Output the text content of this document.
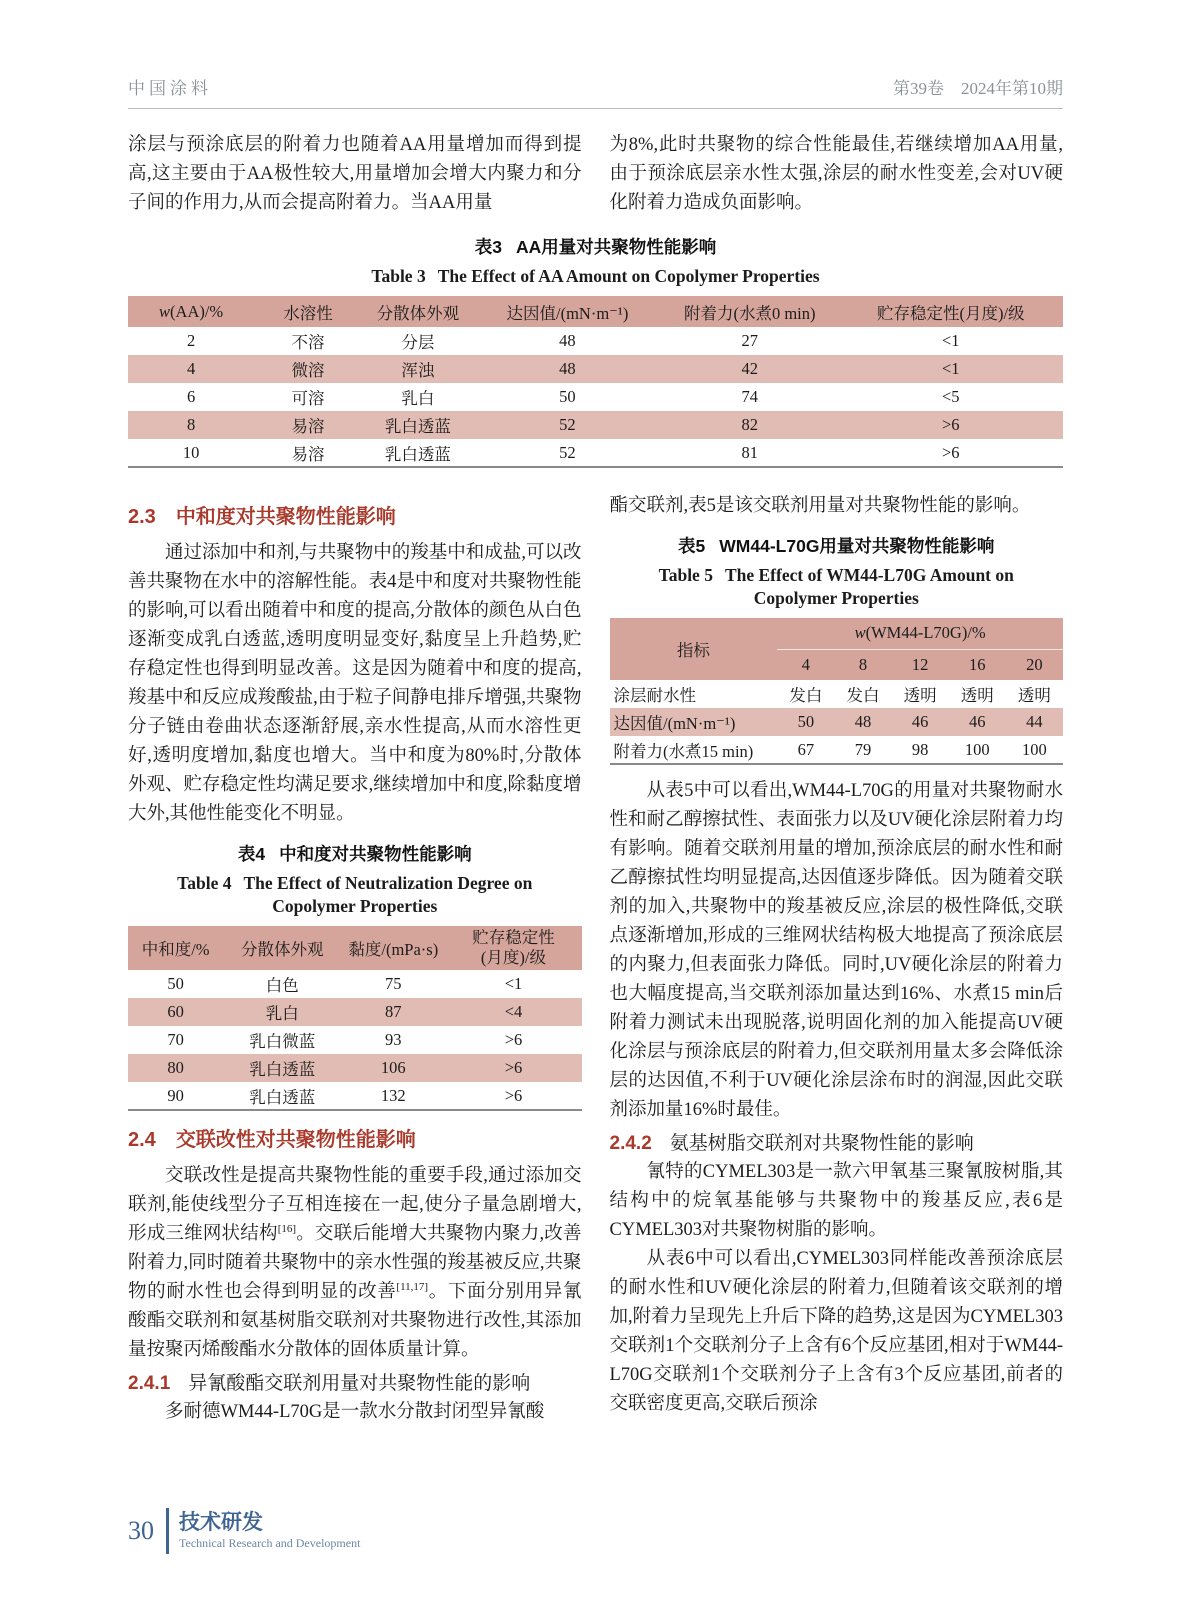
中国涂料	第39卷　2024年第10期

涂层与预涂底层的附着力也随着AA用量增加而得到提高,这主要由于AA极性较大,用量增加会增大内聚力和分子间的作用力,从而会提高附着力。当AA用量

为8%,此时共聚物的综合性能最佳,若继续增加AA用量,由于预涂底层亲水性太强,涂层的耐水性变差,会对UV硬化附着力造成负面影响。

表3 AA用量对共聚物性能影响
Table 3 The Effect of AA Amount on Copolymer Properties
w(AA)/%	水溶性	分散体外观	达因值/(mN·m⁻¹)	附着力(水煮0 min)	贮存稳定性(月度)/级
2	不溶	分层	48	27	<1
4	微溶	浑浊	48	42	<1
6	可溶	乳白	50	74	<5
8	易溶	乳白透蓝	52	82	>6
10	易溶	乳白透蓝	52	81	>6
2.3 中和度对共聚物性能影响

通过添加中和剂,与共聚物中的羧基中和成盐,可以改善共聚物在水中的溶解性能。表4是中和度对共聚物性能的影响,可以看出随着中和度的提高,分散体的颜色从白色逐渐变成乳白透蓝,透明度明显变好,黏度呈上升趋势,贮存稳定性也得到明显改善。这是因为随着中和度的提高,羧基中和反应成羧酸盐,由于粒子间静电排斥增强,共聚物分子链由卷曲状态逐渐舒展,亲水性提高,从而水溶性更好,透明度增加,黏度也增大。当中和度为80%时,分散体外观、贮存稳定性均满足要求,继续增加中和度,除黏度增大外,其他性能变化不明显。

表4 中和度对共聚物性能影响
Table 4 The Effect of Neutralization Degree on
Copolymer Properties
中和度/%	分散体外观	黏度/(mPa·s)	贮存稳定性
(月度)/级
50	白色	75	<1
60	乳白	87	<4
70	乳白微蓝	93	>6
80	乳白透蓝	106	>6
90	乳白透蓝	132	>6
2.4 交联改性对共聚物性能影响

交联改性是提高共聚物性能的重要手段,通过添加交联剂,能使线型分子互相连接在一起,使分子量急剧增大,形成三维网状结构[16]。交联后能增大共聚物内聚力,改善附着力,同时随着共聚物中的亲水性强的羧基被反应,共聚物的耐水性也会得到明显的改善[11,17]。下面分别用异氰酸酯交联剂和氨基树脂交联剂对共聚物进行改性,其添加量按聚丙烯酸酯水分散体的固体质量计算。

2.4.1 异氰酸酯交联剂用量对共聚物性能的影响

多耐德WM44-L70G是一款水分散封闭型异氰酸

酯交联剂,表5是该交联剂用量对共聚物性能的影响。

表5 WM44-L70G用量对共聚物性能影响
Table 5 The Effect of WM44-L70G Amount on
Copolymer Properties
指标	w(WM44-L70G)/%				
	4	8	12	16	20
涂层耐水性	发白	发白	透明	透明	透明
达因值/(mN·m⁻¹)	50	48	46	46	44
附着力(水煮15 min)	67	79	98	100	100

从表5中可以看出,WM44-L70G的用量对共聚物耐水性和耐乙醇擦拭性、表面张力以及UV硬化涂层附着力均有影响。随着交联剂用量的增加,预涂底层的耐水性和耐乙醇擦拭性均明显提高,达因值逐步降低。因为随着交联剂的加入,共聚物中的羧基被反应,涂层的极性降低,交联点逐渐增加,形成的三维网状结构极大地提高了预涂底层的内聚力,但表面张力降低。同时,UV硬化涂层的附着力也大幅度提高,当交联剂添加量达到16%、水煮15 min后附着力测试未出现脱落,说明固化剂的加入能提高UV硬化涂层与预涂底层的附着力,但交联剂用量太多会降低涂层的达因值,不利于UV硬化涂层涂布时的润湿,因此交联剂添加量16%时最佳。

2.4.2 氨基树脂交联剂对共聚物性能的影响

氰特的CYMEL303是一款六甲氧基三聚氰胺树脂,其结构中的烷氧基能够与共聚物中的羧基反应,表6是CYMEL303对共聚物树脂的影响。

从表6中可以看出,CYMEL303同样能改善预涂底层的耐水性和UV硬化涂层的附着力,但随着该交联剂的增加,附着力呈现先上升后下降的趋势,这是因为CYMEL303交联剂1个交联剂分子上含有6个反应基团,相对于WM44-L70G交联剂1个交联剂分子上含有3个反应基团,前者的交联密度更高,交联后预涂

30 技术研发
Technical Research and Development
